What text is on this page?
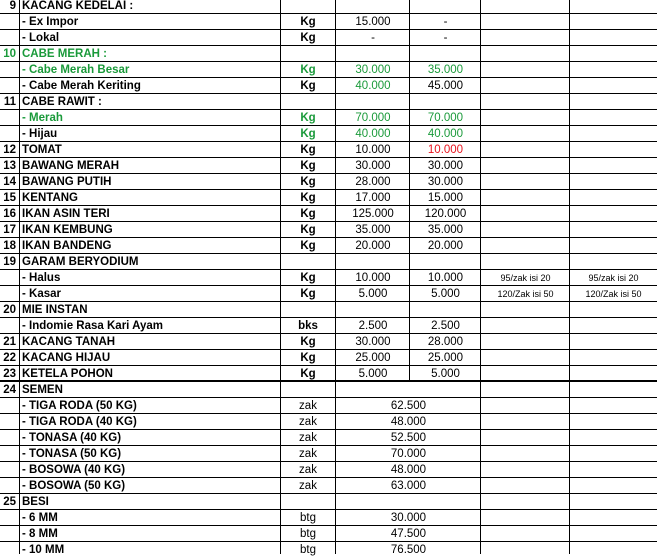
9 KACANG KEDELAI :
- Ex Impor	Kg	15.000	-
- Lokal	Kg	-	-
10 CABE MERAH :
- Cabe Merah Besar	Kg	30.000	35.000
- Cabe Merah Keriting	Kg	40.000	45.000
11 CABE RAWIT :
- Merah	Kg	70.000	70.000
- Hijau	Kg	40.000	40.000
12 TOMAT	Kg	10.000	10.000
13 BAWANG MERAH	Kg	30.000	30.000
14 BAWANG PUTIH	Kg	28.000	30.000
15 KENTANG	Kg	17.000	15.000
16 IKAN ASIN TERI	Kg	125.000	120.000
17 IKAN KEMBUNG	Kg	35.000	35.000
18 IKAN BANDENG	Kg	20.000	20.000
19 GARAM BERYODIUM
- Halus	Kg	10.000	10.000	95/zak isi 20	95/zak isi 20
- Kasar	Kg	5.000	5.000	120/Zak isi 50	120/Zak isi 50
20 MIE INSTAN
- Indomie Rasa Kari Ayam	bks	2.500	2.500
21 KACANG TANAH	Kg	30.000	28.000
22 KACANG HIJAU	Kg	25.000	25.000
23 KETELA POHON	Kg	5.000	5.000
24 SEMEN
- TIGA RODA (50 KG)	zak	62.500
- TIGA RODA (40 KG)	zak	48.000
- TONASA (40 KG)	zak	52.500
- TONASA (50 KG)	zak	70.000
- BOSOWA (40 KG)	zak	48.000
- BOSOWA (50 KG)	zak	63.000
25 BESI
- 6 MM	btg	30.000
- 8 MM	btg	47.500
- 10 MM	btg	76.500
